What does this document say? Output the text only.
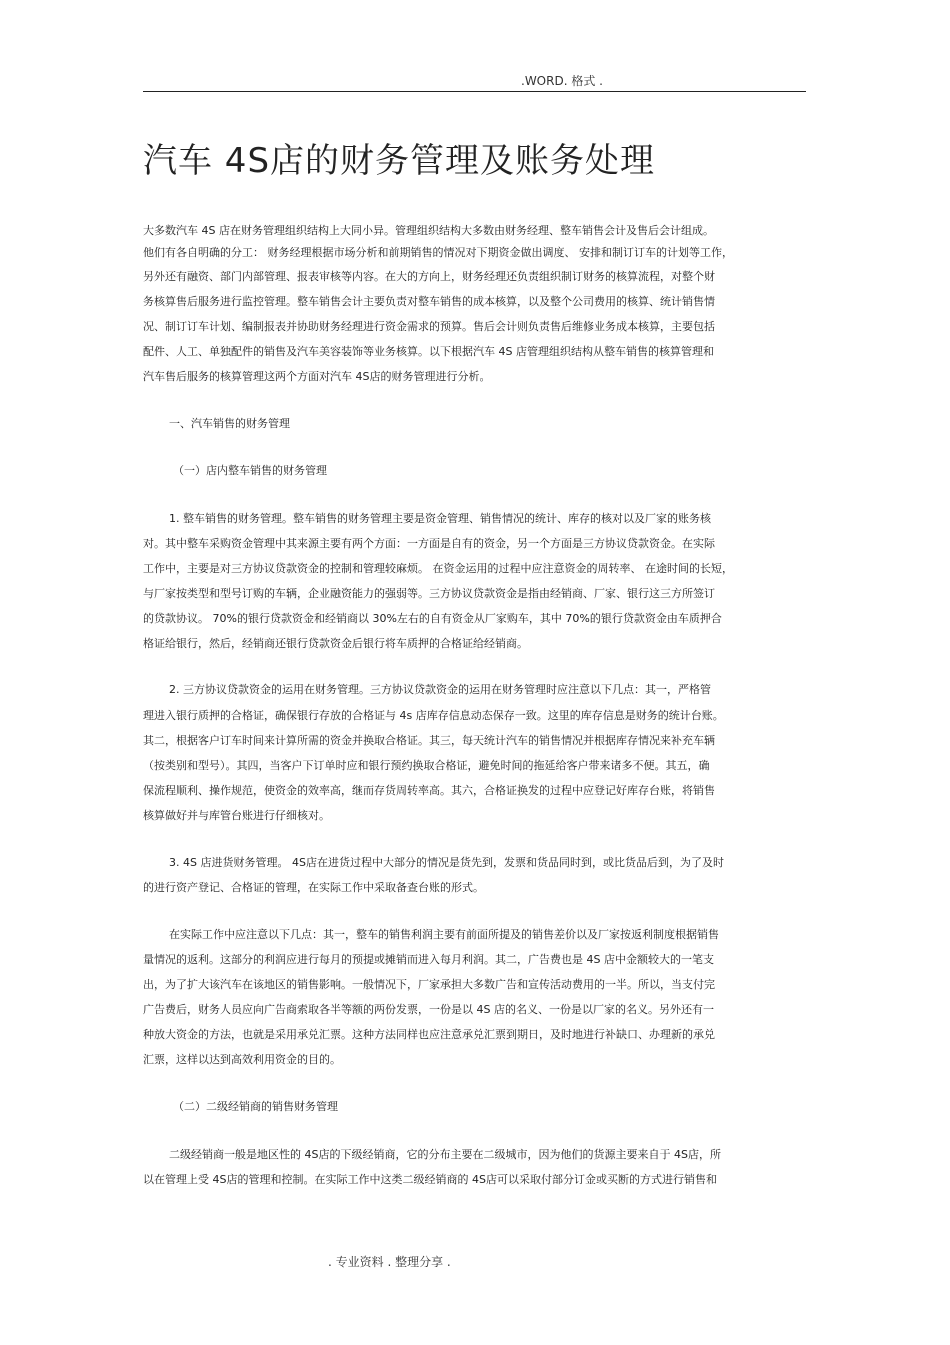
.WORD. 格式 .
汽车 4S店的财务管理及账务处理
大多数汽车 4S 店在财务管理组织结构上大同小异。管理组织结构大多数由财务经理、整车销售会计及售后会计组成。
他们有各自明确的分工： 财务经理根据市场分析和前期销售的情况对下期资金做出调度、 安排和制订订车的计划等工作，
另外还有融资、部门内部管理、报表审核等内容。在大的方向上，财务经理还负责组织制订财务的核算流程，对整个财
务核算售后服务进行监控管理。整车销售会计主要负责对整车销售的成本核算，以及整个公司费用的核算、统计销售情
况、制订订车计划、编制报表并协助财务经理进行资金需求的预算。售后会计则负责售后维修业务成本核算，主要包括
配件、人工、单独配件的销售及汽车美容装饰等业务核算。以下根据汽车 4S 店管理组织结构从整车销售的核算管理和
汽车售后服务的核算管理这两个方面对汽车 4S店的财务管理进行分析。
一、汽车销售的财务管理
（一）店内整车销售的财务管理
1. 整车销售的财务管理。整车销售的财务管理主要是资金管理、销售情况的统计、库存的核对以及厂家的账务核
对。其中整车采购资金管理中其来源主要有两个方面：一方面是自有的资金，另一个方面是三方协议贷款资金。在实际
工作中，主要是对三方协议贷款资金的控制和管理较麻烦。 在资金运用的过程中应注意资金的周转率、 在途时间的长短，
与厂家按类型和型号订购的车辆，企业融资能力的强弱等。三方协议贷款资金是指由经销商、厂家、银行这三方所签订
的贷款协议。 70%的银行贷款资金和经销商以 30%左右的自有资金从厂家购车，其中 70%的银行贷款资金由车质押合
格证给银行，然后，经销商还银行贷款资金后银行将车质押的合格证给经销商。
2. 三方协议贷款资金的运用在财务管理。三方协议贷款资金的运用在财务管理时应注意以下几点：其一，严格管
理进入银行质押的合格证，确保银行存放的合格证与 4s 店库存信息动态保存一致。这里的库存信息是财务的统计台账。
其二，根据客户订车时间来计算所需的资金并换取合格证。其三，每天统计汽车的销售情况并根据库存情况来补充车辆
（按类别和型号）。其四，当客户下订单时应和银行预约换取合格证，避免时间的拖延给客户带来诸多不便。其五，确
保流程顺利、操作规范，使资金的效率高，继而存货周转率高。其六，合格证换发的过程中应登记好库存台账，将销售
核算做好并与库管台账进行仔细核对。
3. 4S 店进货财务管理。 4S店在进货过程中大部分的情况是货先到，发票和货品同时到，或比货品后到，为了及时
的进行资产登记、合格证的管理，在实际工作中采取备查台账的形式。
在实际工作中应注意以下几点：其一，整车的销售利润主要有前面所提及的销售差价以及厂家按返利制度根据销售
量情况的返利。这部分的利润应进行每月的预提或摊销而进入每月利润。其二，广告费也是 4S 店中金额较大的一笔支
出，为了扩大该汽车在该地区的销售影响。一般情况下，厂家承担大多数广告和宣传活动费用的一半。所以，当支付完
广告费后，财务人员应向广告商索取各半等额的两份发票，一份是以 4S 店的名义、一份是以厂家的名义。另外还有一
种放大资金的方法，也就是采用承兑汇票。这种方法同样也应注意承兑汇票到期日，及时地进行补缺口、办理新的承兑
汇票，这样以达到高效利用资金的目的。
（二）二级经销商的销售财务管理
二级经销商一般是地区性的 4S店的下级经销商，它的分布主要在二级城市，因为他们的货源主要来自于 4S店，所
以在管理上受 4S店的管理和控制。在实际工作中这类二级经销商的 4S店可以采取付部分订金或买断的方式进行销售和
. 专业资料 . 整理分享 .
